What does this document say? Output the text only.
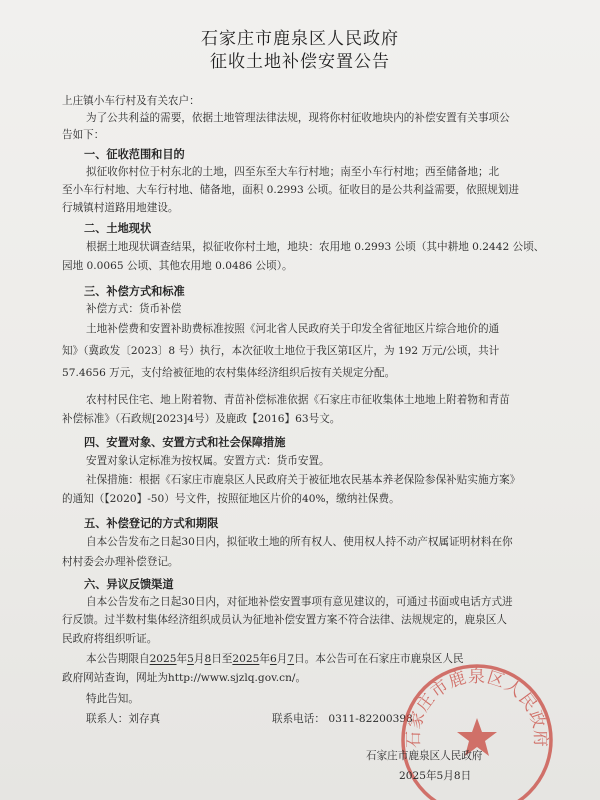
石家庄市鹿泉区人民政府
征收土地补偿安置公告
上庄镇小车行村及有关农户：
为了公共利益的需要，依据土地管理法律法规，现将你村征收地块内的补偿安置有关事项公
告如下：
一、征收范围和目的
拟征收你村位于村东北的土地，四至东至大车行村地；南至小车行村地；西至储备地；北
至小车行村地、大车行村地、储备地，面积 0.2993 公顷。征收目的是公共利益需要，依照规划进
行城镇村道路用地建设。
二、土地现状
根据土地现状调查结果，拟征收你村土地，地块：农用地 0.2993 公顷（其中耕地 0.2442 公顷、
园地 0.0065 公顷、其他农用地 0.0486 公顷）。
三、补偿方式和标准
补偿方式：货币补偿
土地补偿费和安置补助费标准按照《河北省人民政府关于印发全省征地区片综合地价的通
知》（冀政发〔2023〕8 号）执行，本次征收土地位于我区第Ⅰ区片，为 192 万元/公顷，共计
57.4656 万元，支付给被征地的农村集体经济组织后按有关规定分配。
农村村民住宅、地上附着物、青苗补偿标准依据《石家庄市征收集体土地地上附着物和青苗
补偿标准》（石政规[2023]4号）及鹿政【2016】63号文。
四、安置对象、安置方式和社会保障措施
安置对象认定标准为按权属。安置方式：货币安置。
社保措施：根据《石家庄市鹿泉区人民政府关于被征地农民基本养老保险参保补贴实施方案》
的通知（【2020】-50）号文件，按照征地区片价的40%，缴纳社保费。
五、补偿登记的方式和期限
自本公告发布之日起30日内，拟征收土地的所有权人、使用权人持不动产权属证明材料在你
村村委会办理补偿登记。
六、异议反馈渠道
自本公告发布之日起30日内，对征地补偿安置事项有意见建议的，可通过书面或电话方式进
行反馈。过半数村集体经济组织成员认为征地补偿安置方案不符合法律、法规规定的，鹿泉区人
民政府将组织听证。
本公告期限自2025年5月8日至2025年6月7日。本公告可在石家庄市鹿泉区人民
政府网站查询，网址为http://www.sjzlq.gov.cn/。
特此告知。
联系人：刘存真	联系电话： 0311-82200398
石家庄市鹿泉区人民政府
石家庄市鹿泉区人民政府
2025年5月8日
